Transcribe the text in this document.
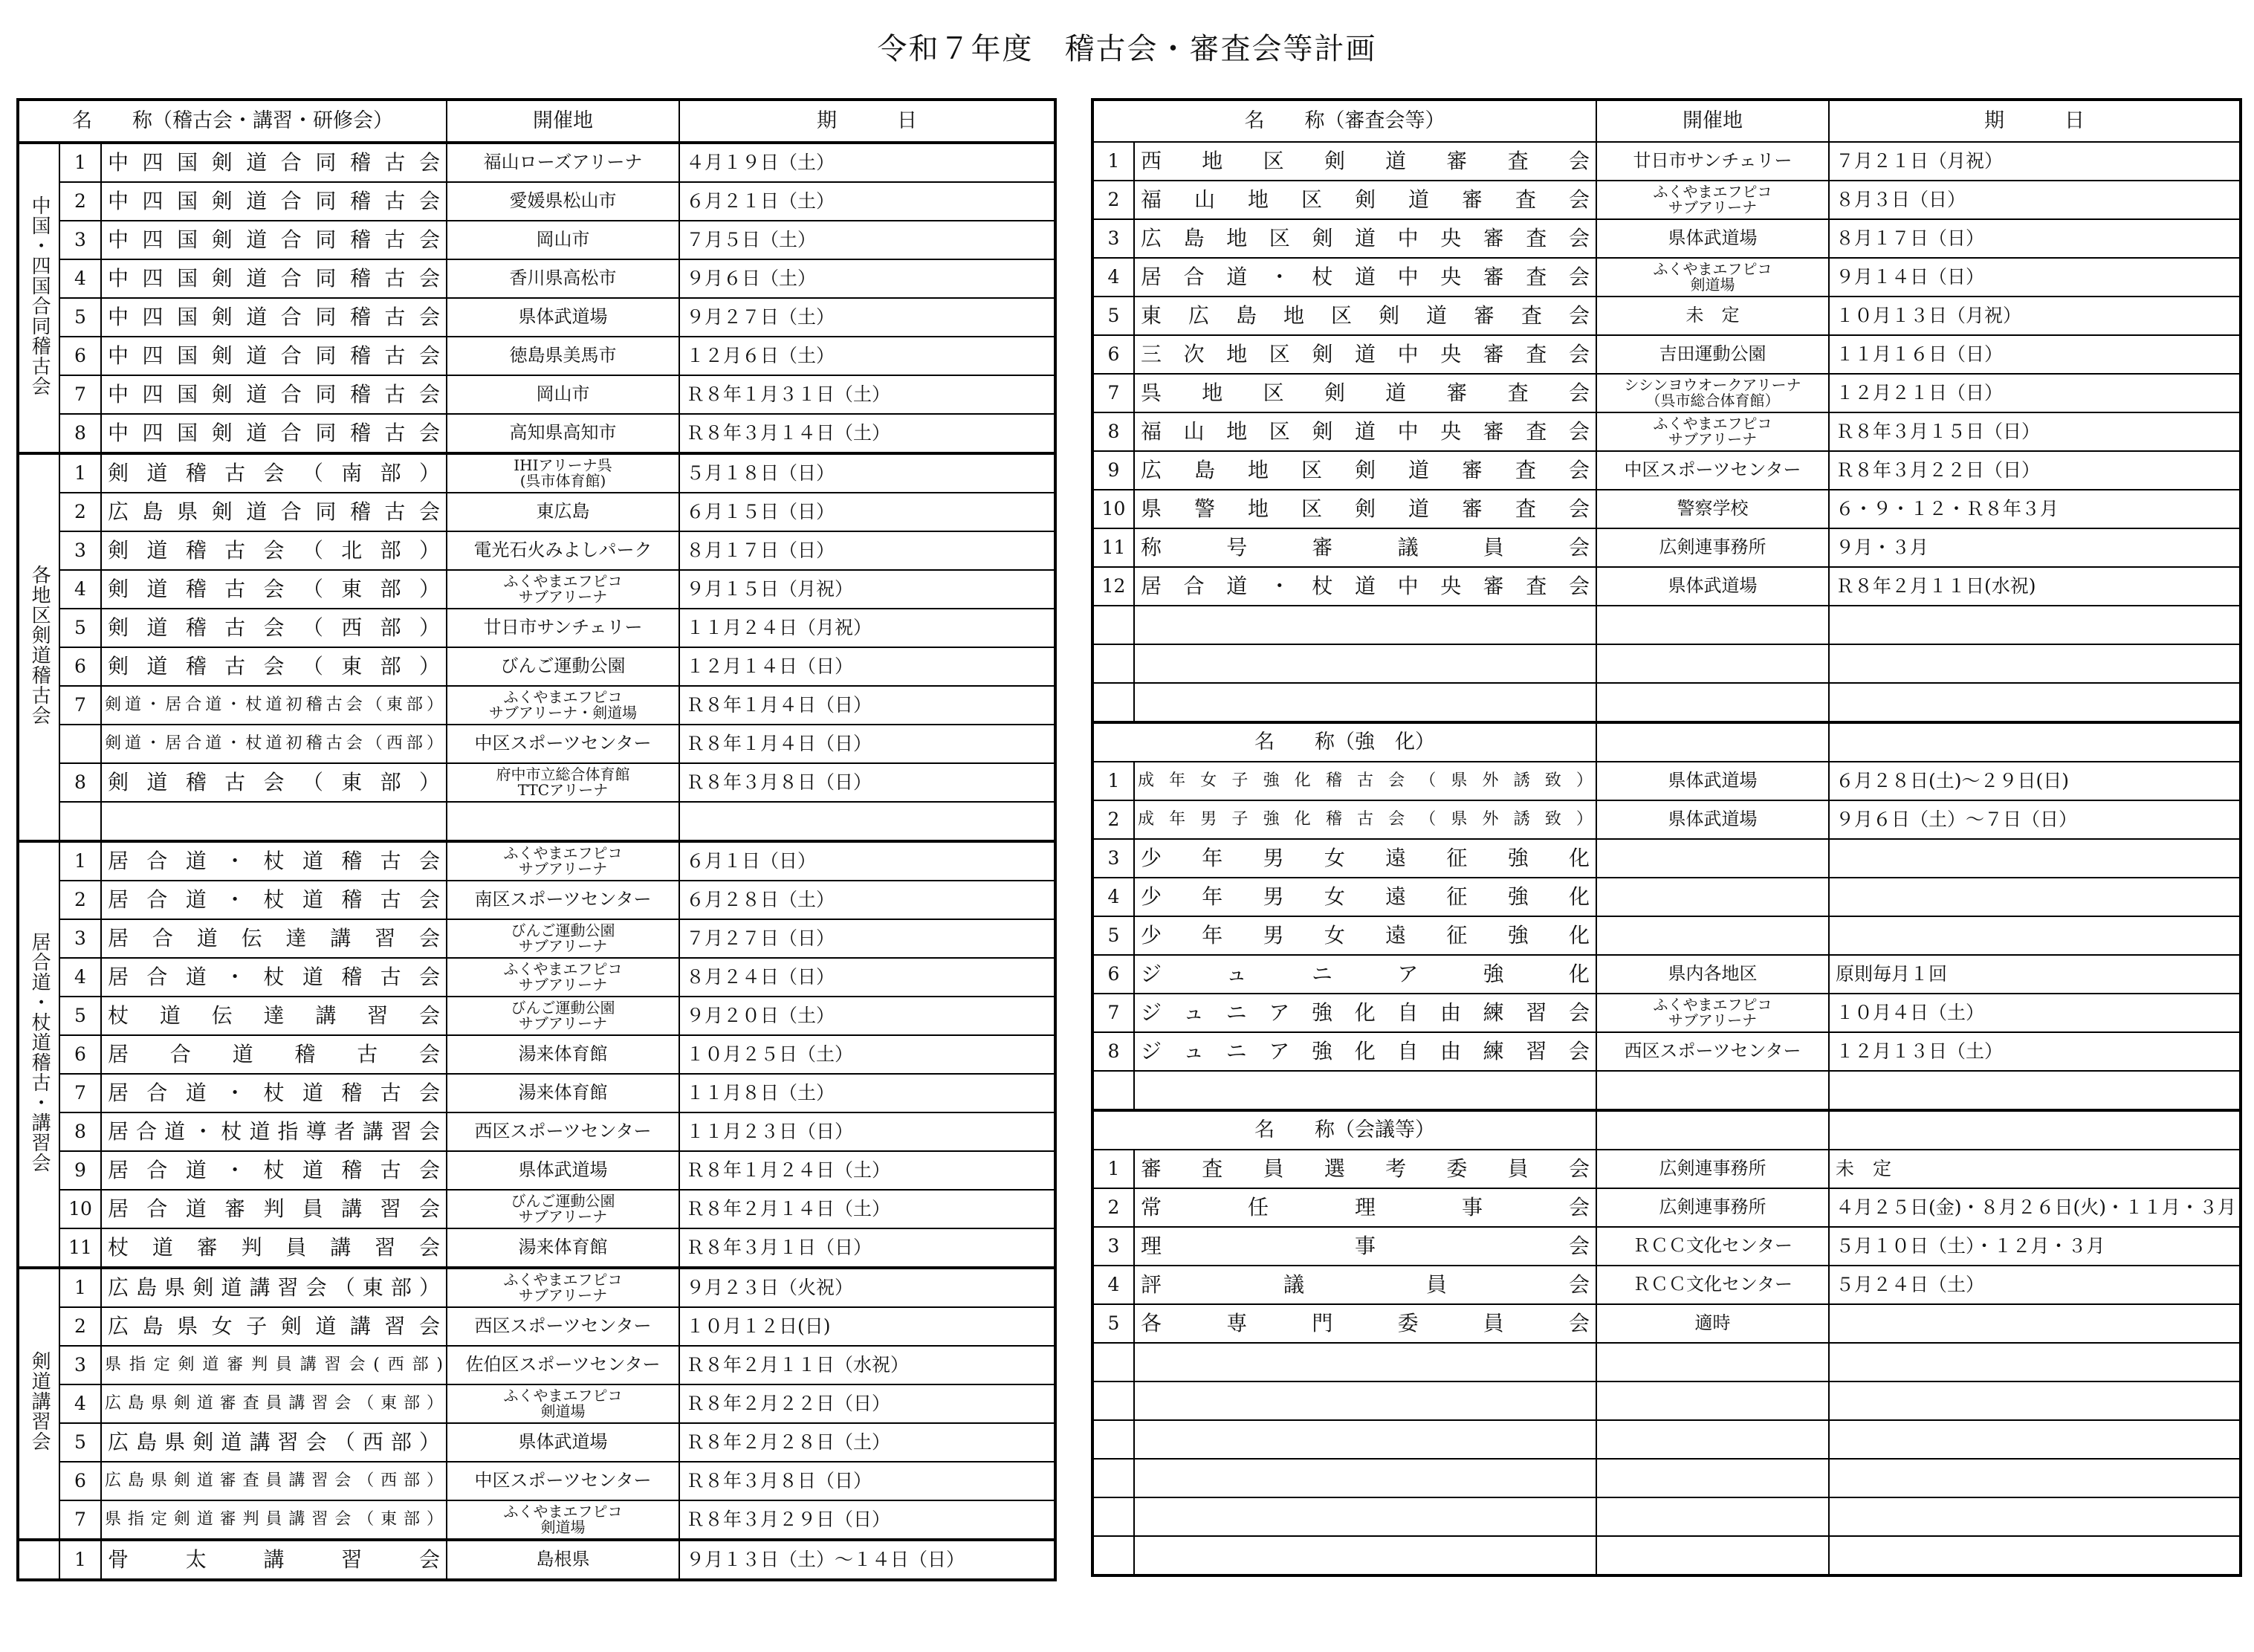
令和７年度　稽古会・審査会等計画
名　　称（稽古会・講習・研修会）			開催地	期　　　日
中国・四国合同稽古会	1	中四国剣道合同稽古会	福山ローズアリーナ	４月１９日（土）
	2	中四国剣道合同稽古会	愛媛県松山市	６月２１日（土）
	3	中四国剣道合同稽古会	岡山市	７月５日（土）
	4	中四国剣道合同稽古会	香川県高松市	９月６日（土）
	5	中四国剣道合同稽古会	県体武道場	９月２７日（土）
	6	中四国剣道合同稽古会	徳島県美馬市	１２月６日（土）
	7	中四国剣道合同稽古会	岡山市	Ｒ８年１月３１日（土）
	8	中四国剣道合同稽古会	高知県高知市	Ｒ８年３月１４日（土）
各地区剣道稽古会	1	剣道稽古会（南部）	IHIアリーナ呉
(呉市体育館)	５月１８日（日）
	2	広島県剣道合同稽古会	東広島	６月１５日（日）
	3	剣道稽古会（北部）	電光石火みよしパーク	８月１７日（日）
	4	剣道稽古会（東部）	ふくやまエフピコ
サブアリーナ	９月１５日（月祝）
	5	剣道稽古会（西部）	廿日市サンチェリー	１１月２４日（月祝）
	6	剣道稽古会（東部）	びんご運動公園	１２月１４日（日）
	7	剣道・居合道・杖道初稽古会（東部）	ふくやまエフピコ
サブアリーナ・剣道場	Ｒ８年１月４日（日）
		剣道・居合道・杖道初稽古会（西部）	中区スポーツセンター	Ｒ８年１月４日（日）
	8	剣道稽古会（東部）	府中市立総合体育館
TTCアリーナ	Ｒ８年３月８日（日）

居合道・杖道稽古・講習会	1	居合道・杖道稽古会	ふくやまエフピコ
サブアリーナ	６月１日（日）
	2	居合道・杖道稽古会	南区スポーツセンター	６月２８日（土）
	3	居合道伝達講習会	びんご運動公園
サブアリーナ	７月２７日（日）
	4	居合道・杖道稽古会	ふくやまエフピコ
サブアリーナ	８月２４日（日）
	5	杖道伝達講習会	びんご運動公園
サブアリーナ	９月２０日（土）
	6	居合道稽古会	湯来体育館	１０月２５日（土）
	7	居合道・杖道稽古会	湯来体育館	１１月８日（土）
	8	居合道・杖道指導者講習会	西区スポーツセンター	１１月２３日（日）
	9	居合道・杖道稽古会	県体武道場	Ｒ８年１月２４日（土）
	10	居合道審判員講習会	びんご運動公園
サブアリーナ	Ｒ８年２月１４日（土）
	11	杖道審判員講習会	湯来体育館	Ｒ８年３月１日（日）
剣道講習会	1	広島県剣道講習会（東部）	ふくやまエフピコ
サブアリーナ	９月２３日（火祝）
	2	広島県女子剣道講習会	西区スポーツセンター	１０月１２日(日)
	3	県指定剣道審判員講習会(西部)	佐伯区スポーツセンター	Ｒ８年２月１１日（水祝）
	4	広島県剣道審査員講習会（東部）	ふくやまエフピコ
剣道場	Ｒ８年２月２２日（日）
	5	広島県剣道講習会（西部）	県体武道場	Ｒ８年２月２８日（土）
	6	広島県剣道審査員講習会（西部）	中区スポーツセンター	Ｒ８年３月８日（日）
	7	県指定剣道審判員講習会（東部）	ふくやまエフピコ
剣道場	Ｒ８年３月２９日（日）
	1	骨太講習会	島根県	９月１３日（土）～１４日（日）
名　　称（審査会等）		開催地	期　　　日
1	西地区剣道審査会	廿日市サンチェリー	７月２１日（月祝）
2	福山地区剣道審査会	ふくやまエフピコ
サブアリーナ	８月３日（日）
3	広島地区剣道中央審査会	県体武道場	８月１７日（日）
4	居合道・杖道中央審査会	ふくやまエフピコ
剣道場	９月１４日（日）
5	東広島地区剣道審査会	未　定	１０月１３日（月祝）
6	三次地区剣道中央審査会	吉田運動公園	１１月１６日（日）
7	呉地区剣道審査会	シシンヨウオークアリーナ
（呉市総合体育館）	１２月２１日（日）
8	福山地区剣道中央審査会	ふくやまエフピコ
サブアリーナ	Ｒ８年３月１５日（日）
9	広島地区剣道審査会	中区スポーツセンター	Ｒ８年３月２２日（日）
10	県警地区剣道審査会	警察学校	６・９・１２・Ｒ８年３月
11	称号審議員会	広剣連事務所	９月・３月
12	居合道・杖道中央審査会	県体武道場	Ｒ８年２月１１日(水祝)

名　　称（強　化）			
1	成年女子強化稽古会（県外誘致）	県体武道場	６月２８日(土)～２９日(日)
2	成年男子強化稽古会（県外誘致）	県体武道場	９月６日（土）～７日（日）
3	少年男女遠征強化		
4	少年男女遠征強化		
5	少年男女遠征強化		
6	ジュニア強化	県内各地区	原則毎月１回
7	ジュニア強化自由練習会	ふくやまエフピコ
サブアリーナ	１０月４日（土）
8	ジュニア強化自由練習会	西区スポーツセンター	１２月１３日（土）

名　　称（会議等）			
1	審査員選考委員会	広剣連事務所	未　定
2	常任理事会	広剣連事務所	４月２５日(金)・８月２６日(火)・１１月・３月
3	理事会	ＲＣＣ文化センター	５月１０日（土）・１２月・３月
4	評議員会	ＲＣＣ文化センター	５月２４日（土）
5	各専門委員会	適時	
